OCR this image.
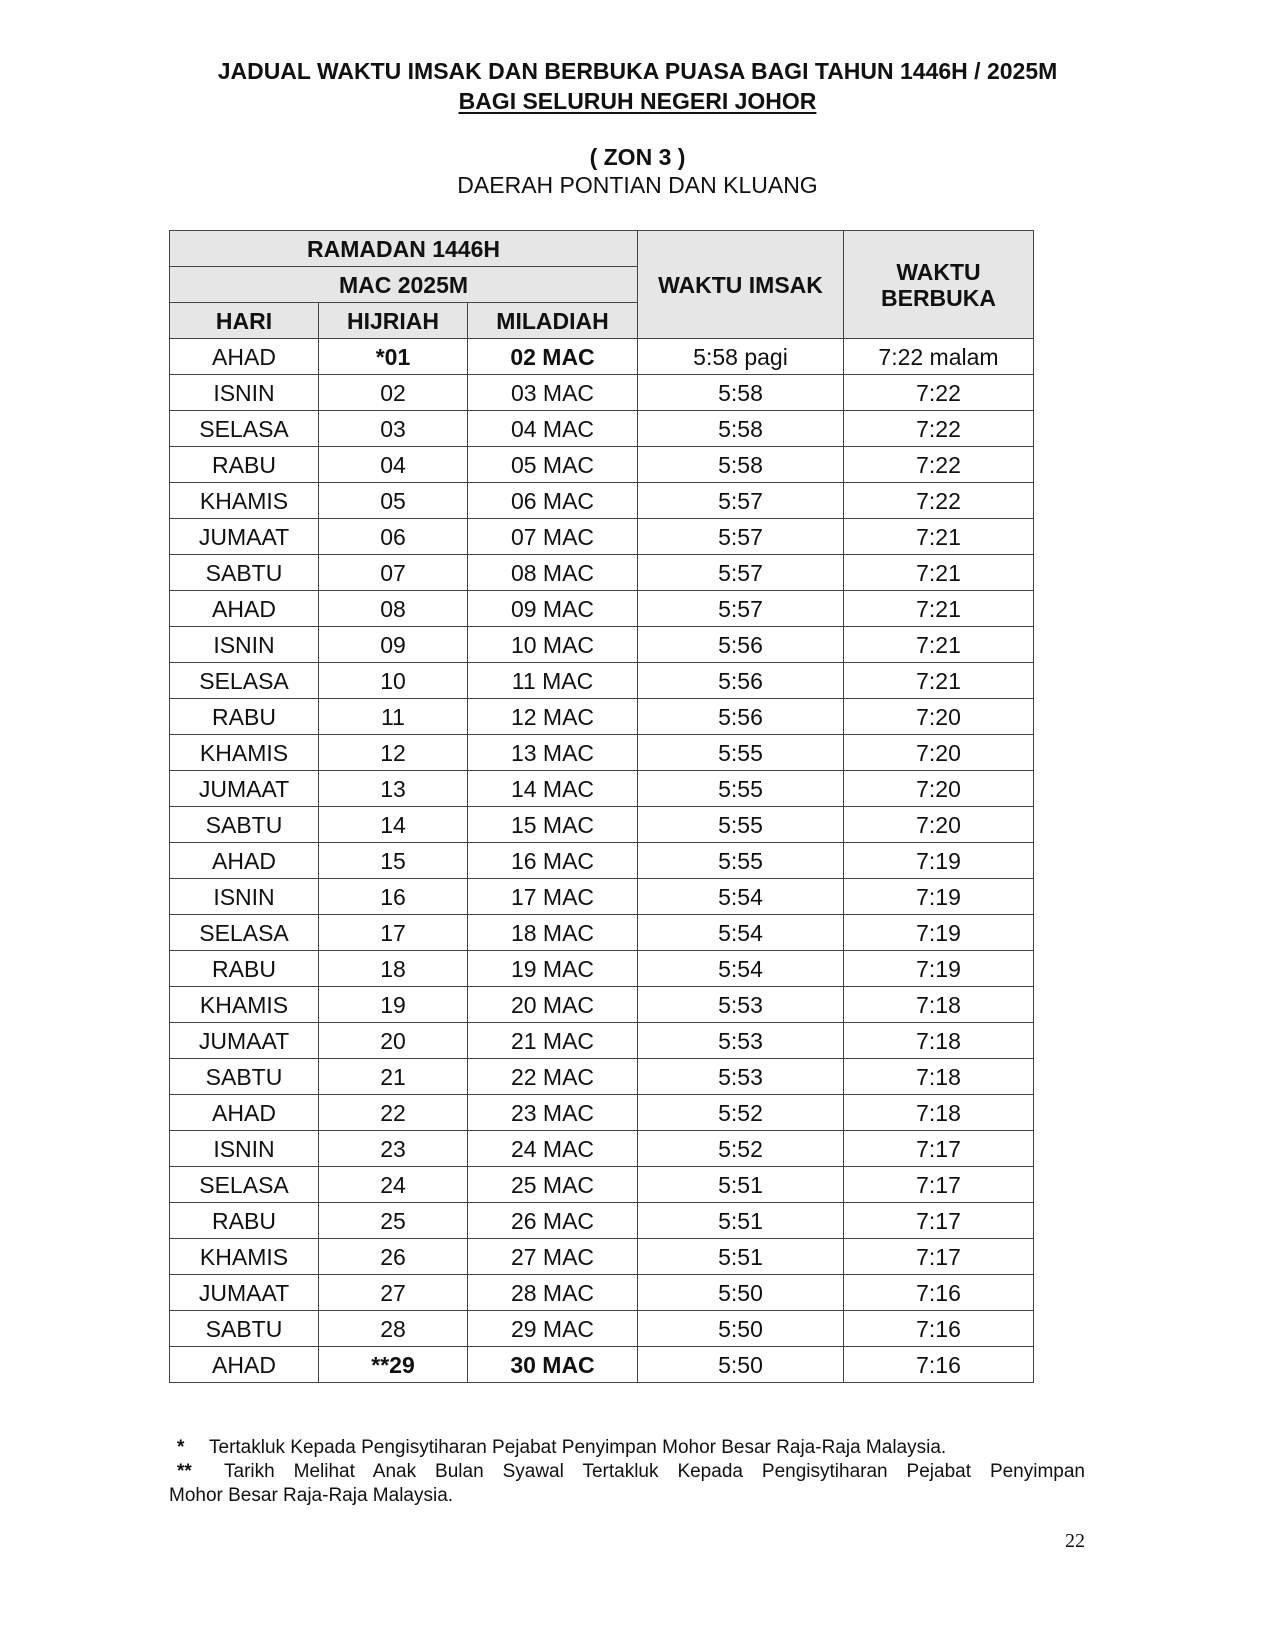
JADUAL WAKTU IMSAK DAN BERBUKA PUASA BAGI TAHUN 1446H / 2025M
BAGI SELURUH NEGERI JOHOR
( ZON 3 )
DAERAH PONTIAN DAN KLUANG
RAMADAN 1446H			WAKTU IMSAK	WAKTU BERBUKA
MAC 2025M				
HARI	HIJRIAH	MILADIAH		
AHAD	*01	02 MAC	5:58 pagi	7:22 malam
ISNIN	02	03 MAC	5:58	7:22
SELASA	03	04 MAC	5:58	7:22
RABU	04	05 MAC	5:58	7:22
KHAMIS	05	06 MAC	5:57	7:22
JUMAAT	06	07 MAC	5:57	7:21
SABTU	07	08 MAC	5:57	7:21
AHAD	08	09 MAC	5:57	7:21
ISNIN	09	10 MAC	5:56	7:21
SELASA	10	11 MAC	5:56	7:21
RABU	11	12 MAC	5:56	7:20
KHAMIS	12	13 MAC	5:55	7:20
JUMAAT	13	14 MAC	5:55	7:20
SABTU	14	15 MAC	5:55	7:20
AHAD	15	16 MAC	5:55	7:19
ISNIN	16	17 MAC	5:54	7:19
SELASA	17	18 MAC	5:54	7:19
RABU	18	19 MAC	5:54	7:19
KHAMIS	19	20 MAC	5:53	7:18
JUMAAT	20	21 MAC	5:53	7:18
SABTU	21	22 MAC	5:53	7:18
AHAD	22	23 MAC	5:52	7:18
ISNIN	23	24 MAC	5:52	7:17
SELASA	24	25 MAC	5:51	7:17
RABU	25	26 MAC	5:51	7:17
KHAMIS	26	27 MAC	5:51	7:17
JUMAAT	27	28 MAC	5:50	7:16
SABTU	28	29 MAC	5:50	7:16
AHAD	**29	30 MAC	5:50	7:16
*	Tertakluk Kepada Pengisytiharan Pejabat Penyimpan Mohor Besar Raja-Raja Malaysia.
**	Tarikh Melihat Anak Bulan Syawal Tertakluk Kepada Pengisytiharan Pejabat Penyimpan
Mohor Besar Raja-Raja Malaysia.
22
